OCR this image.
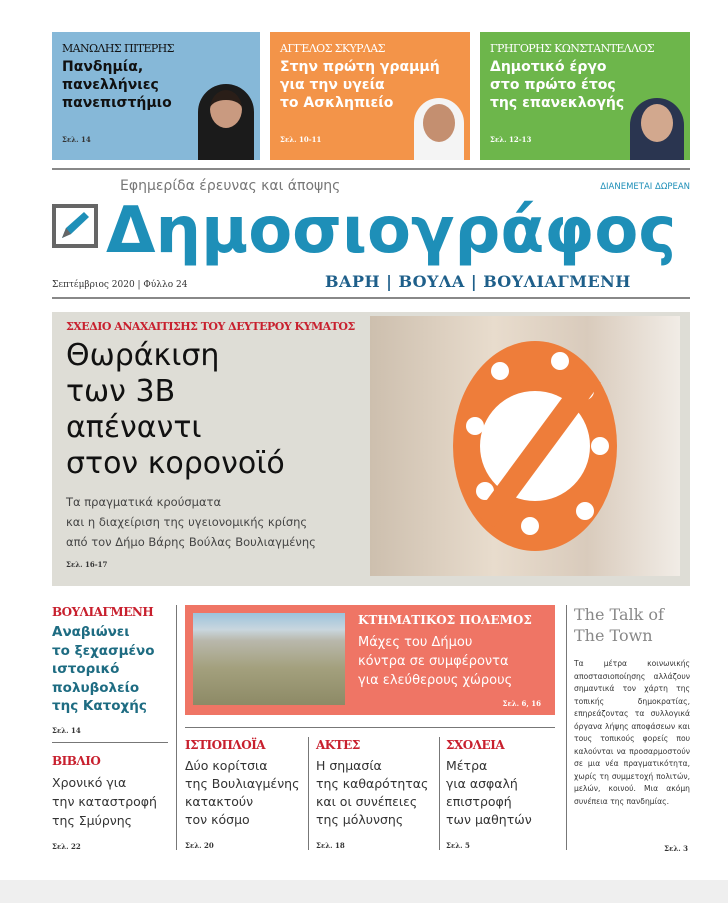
ΜΑΝΩΛΗΣ ΠΙΤΕΡΗΣ
Πανδημία,
πανελλήνιες
πανεπιστήμιο
Σελ. 14
ΑΓΓΕΛΟΣ ΣΚΥΡΛΑΣ
Στην πρώτη γραμμή
για την υγεία
το Ασκληπιείο
Σελ. 10-11
ΓΡΗΓΟΡΗΣ ΚΩΝΣΤΑΝΤΕΛΛΟΣ
Δημοτικό έργο
στο πρώτο έτος
της επανεκλογής
Σελ. 12-13
Εφημερίδα έρευνας και άποψης	ΔΙΑΝΕΜΕΤΑΙ ΔΩΡΕΑΝ
Δημοσιογράφος
Σεπτέμβριος 2020 | Φύλλο 24	ΒΑΡΗ | ΒΟΥΛΑ | ΒΟΥΛΙΑΓΜΕΝΗ
ΣΧΕΔΙΟ ΑΝΑΧΑΙΤΙΣΗΣ ΤΟΥ ΔΕΥΤΕΡΟΥ ΚΥΜΑΤΟΣ
Θωράκιση
των 3Β
απέναντι
στον κορονοϊό
Τα πραγματικά κρούσματα
και η διαχείριση της υγειονομικής κρίσης
από τον Δήμο Βάρης Βούλας Βουλιαγμένης
Σελ. 16-17
ΒΟΥΛΙΑΓΜΕΝΗ
Αναβιώνει
το ξεχασμένο
ιστορικό
πολυβολείο
της Κατοχής
Σελ. 14
ΒΙΒΛΙΟ
Χρονικό για
την καταστροφή
της Σμύρνης
Σελ. 22
ΚΤΗΜΑΤΙΚΟΣ ΠΟΛΕΜΟΣ
Μάχες του Δήμου
κόντρα σε συμφέροντα
για ελεύθερους χώρους
Σελ. 6, 16
ΙΣΤΙΟΠΛΟΪΑ
Δύο κορίτσια
της Βουλιαγμένης
κατακτούν
τον κόσμο
Σελ. 20
ΑΚΤΕΣ
Η σημασία
της καθαρότητας
και οι συνέπειες
της μόλυνσης
Σελ. 18
ΣΧΟΛΕΙΑ
Μέτρα
για ασφαλή
επιστροφή
των μαθητών
Σελ. 5
The Talk of
The Town
Τα μέτρα κοινωνικής αποστασιοποίησης αλλάζουν σημαντικά τον χάρτη της τοπικής δημοκρατίας, επηρεάζοντας τα συλλογικά όργανα λήψης αποφάσεων και τους τοπικούς φορείς που καλούνται να προσαρμοστούν σε μια νέα πραγματικότητα, χωρίς τη συμμετοχή πολιτών, μελών, κοινού. Μια ακόμη συνέπεια της πανδημίας.
Σελ. 3
